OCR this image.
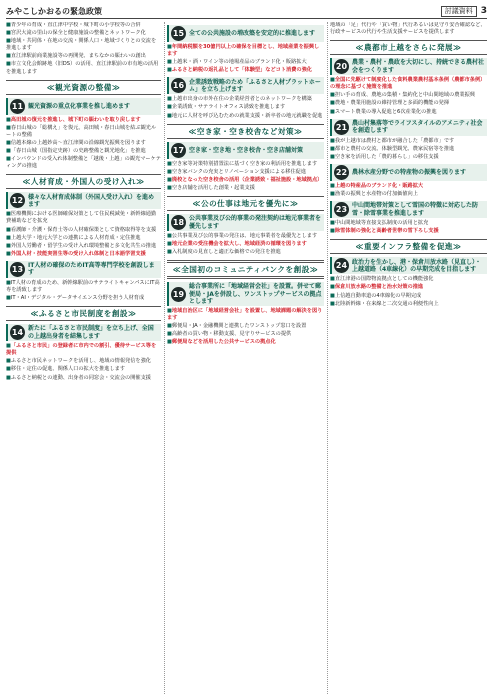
みやこしかおるの緊急政策	討議資料 3

■ 青少年の育成・直江津中学校・城下町の小学校等の合併

■ 宮沢大滝の里山の保全と健康施設の整備とネットワーク化

■ 地域・共同体・在地の交流・関係人口・地域づくりとの交流を推進します

■ 直江津駅前商業施設等の再開発、まちなかの賑わいの創出

■ 市立文化会館跡地（旧DS）の活用、直江津駅前の市有地の活用を推進します

≪観光資源の整備≫
11 観光資源の重点化事業を推し進めます

■ 高田城の復元を推進し、城下町の賑わいを取り戻します

■ 春日山城の「総構え」を復元。高田城・春日山城を結ぶ観光ルートの整備

■ 信越本線の上越妙高〜直江津間の沿線観光振興を図ります

■ 「春日山城（国指定史跡）の史跡整備と観光地化」を推進

■ インバウンドの受入れ体制整備と「越後・上越」の観光マーケティングの推進

≪人材育成・外国人の受け入れ≫
12 様々な人材育成体制（外国人受け入れ）を進めます

■ 医療機関における医師確保対策として住民税減免・新幹線通勤費補助などを拡充

■ 看護師・介護・保育士等の人材確保策として資格取得等を支援

■ 上越大学・地元大学との連携による人材育成・定住推進

■ 外国人労働者・留学生の受け入れ環境整備と多文化共生の推進

■ 外国人材・技能実習生等の受け入れ体制と日本語学習支援

13 IT人材の確保のためIT高等専門学校を創設します

■ IT人材の育成のため、新幹線駅前のサテライトキャンパスにIT高専を誘致します

■ IT・AI・デジタル・データサイエンス分野を担う人材育成

≪ふるさと市民制度を創設≫
14 新たに「ふるさと市民制度」を立ち上げ、全国の上越出身者を結集します

■ 「ふるさと市民」の登録者に市内での割引、優待サービス等を提供

■ ふるさと市民ネットワークを活用し、地域の情報発信を強化

■ 移住・定住の促進、関係人口の拡大を推進します

■ ふるさと納税との連動、出身者の同窓会・交流会の開催支援

15 全ての公共施設の増改築を安定的に推進します

■ 年間納税額を30億円以上の確保を目標とし、地域産業を振興します

■ 上越米・酒・ワイン等の地場産品のブランド化・販路拡大

■ ふるさと納税の返礼品として「体験型」などコト消費の強化

16 企業誘致戦略のため「ふるさと人材プラットホーム」を立ち上げます

■ 上越市出身の市外在住の企業経営者とのネットワークを構築

■ 企業誘致・サテライトオフィス誘致を推進します

■ 地元に人材を呼び込むための就業支援・新卒者の地元就職を促進

≪空き家・空き校舎など対策≫
17 空き家・空き地・空き校舎・空き店舗対策

■ 空き家等対策特別措置法に基づく空き家の利活用を推進します

■ 空き家バンクの充実とリノベーション支援による移住促進

■ 廃校となった空き校舎の活用（企業誘致・福祉施設・地域拠点）

■ 空き店舗を活用した創業・起業支援

≪公の仕事は地元を優先に≫
18 公共事業及び公的事業の発注契約は地元事業者を優先します

■ 公共事業及び公的事業の発注は、地元事業者を最優先とします

■ 地元企業の受注機会を拡大し、地域経済の循環を図ります

■ 入札制度の見直しと適正な価格での発注を推進

≪全国初のコミュニティバンクを創設≫
19
総合事業所に「地域経営会社」を設置。併せて郵便局・JAを併設し、ワンストップサービスの拠点とします

■ 地域自治区に「地域経営会社」を設置し、地域課題の解決を図ります

■ 郵便局・JA・金融機関と連携したワンストップ窓口を設置

■ 高齢者の買い物・移動支援、見守りサービスの提供

■ 郵便局などを活用した公共サービスの拠点化

地域の「足」代行や「買い物」代行あるいは見守り安否確認など、行政サービスの代行や生活支援サービスを提供します

≪農都市上越をさらに発展≫
20 農業・農村・農政を大切にし、持続できる農村社会をつくります

■ 全国に先駆けて制度化した食料農業農村基本条例（農都市条例）の理念に基づく施策を推進

■ 担い手の育成、農地の集積・集約化と中山間地域の農業振興

■ 農地・農業用施設の維持管理と多面的機能の発揮

■ スマート農業の導入促進と6次産業化の推進

21 農山村集落等でライフスタイルのアメニティ社会を創造します

■ 我が上越市は農村と都市が融合した「農都市」です

■ 都市と農村の交流、体験型観光、農家民宿等を推進

■ 空き家を活用した「農的暮らし」の移住支援

22 農林水産分野での特産物の振興を図ります

■ 上越の特産品のブランド化・販路拡大

■ 漁業の振興と水産物の付加価値向上

23 中山間地帯対策として雪国の特徴に対応した防雪・除雪事業を推進します

■ 中山間地域等直接支払制度の活用と拡充

■ 除雪体制の強化と高齢者世帯の雪下ろし支援

≪重要インフラ整備を促進≫
24 政治力を生かし、港・保倉川放水路（見直し）・上越道路（4車線化）の早期完成を目指します

■ 直江津港の国際物流拠点としての機能強化

■ 保倉川放水路の整備と治水対策の推進

■ 上信越自動車道の4車線化の早期完成

■ 北陸新幹線・在来線と二次交通の利便性向上
